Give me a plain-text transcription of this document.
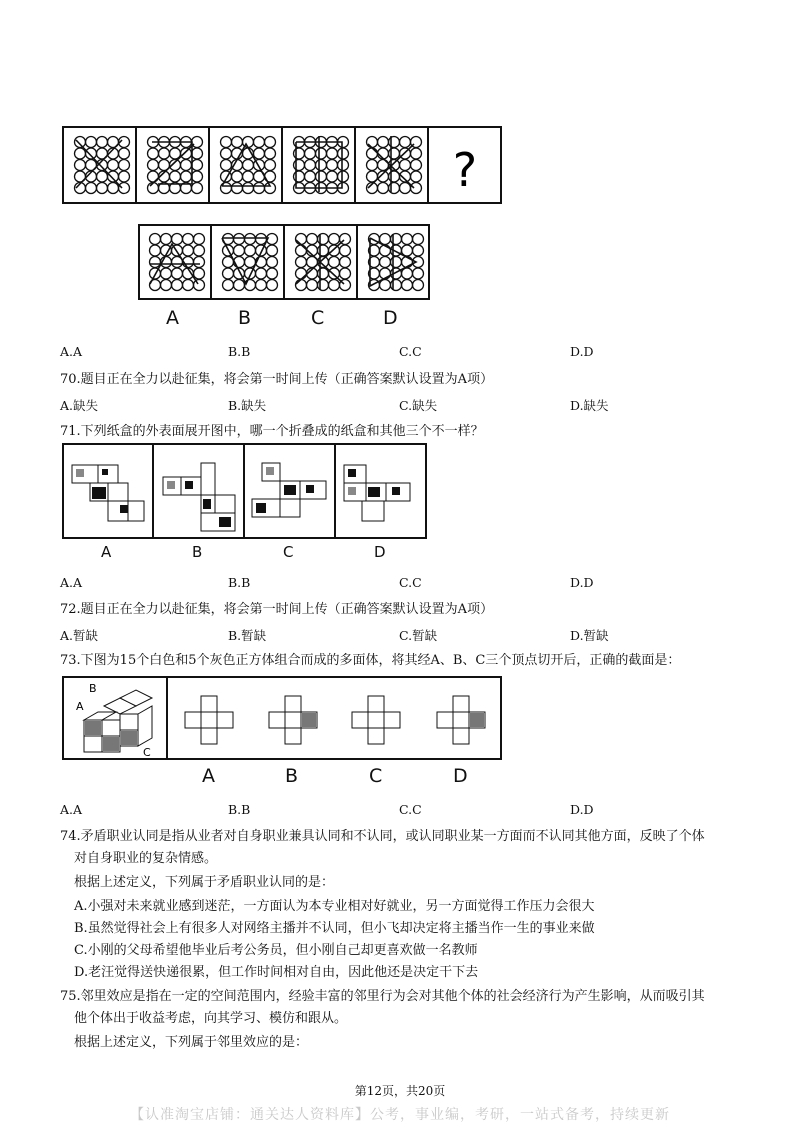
?
A	B	C	D
A.A	B.B	C.C	D.D
70.题目正在全力以赴征集，将会第一时间上传（正确答案默认设置为A项）
A.缺失	B.缺失	C.缺失	D.缺失
71.下列纸盒的外表面展开图中，哪一个折叠成的纸盒和其他三个不一样？
A	B	C	D
A.A	B.B	C.C	D.D
72.题目正在全力以赴征集，将会第一时间上传（正确答案默认设置为A项）
A.暂缺	B.暂缺	C.暂缺	D.暂缺
73.下图为15个白色和5个灰色正方体组合而成的多面体，将其经A、B、C三个顶点切开后，正确的截面是：
B
A
C
A	B	C	D
A.A	B.B	C.C	D.D
74.矛盾职业认同是指从业者对自身职业兼具认同和不认同，或认同职业某一方面而不认同其他方面，反映了个体
对自身职业的复杂情感。
根据上述定义，下列属于矛盾职业认同的是：
A.小强对未来就业感到迷茫，一方面认为本专业相对好就业，另一方面觉得工作压力会很大
B.虽然觉得社会上有很多人对网络主播并不认同，但小飞却决定将主播当作一生的事业来做
C.小刚的父母希望他毕业后考公务员，但小刚自己却更喜欢做一名教师
D.老汪觉得送快递很累，但工作时间相对自由，因此他还是决定干下去
75.邻里效应是指在一定的空间范围内，经验丰富的邻里行为会对其他个体的社会经济行为产生影响，从而吸引其
他个体出于收益考虑，向其学习、模仿和跟从。
根据上述定义，下列属于邻里效应的是：
第12页，共20页
【认准淘宝店铺：通关达人资料库】公考，事业编，考研，一站式备考，持续更新
